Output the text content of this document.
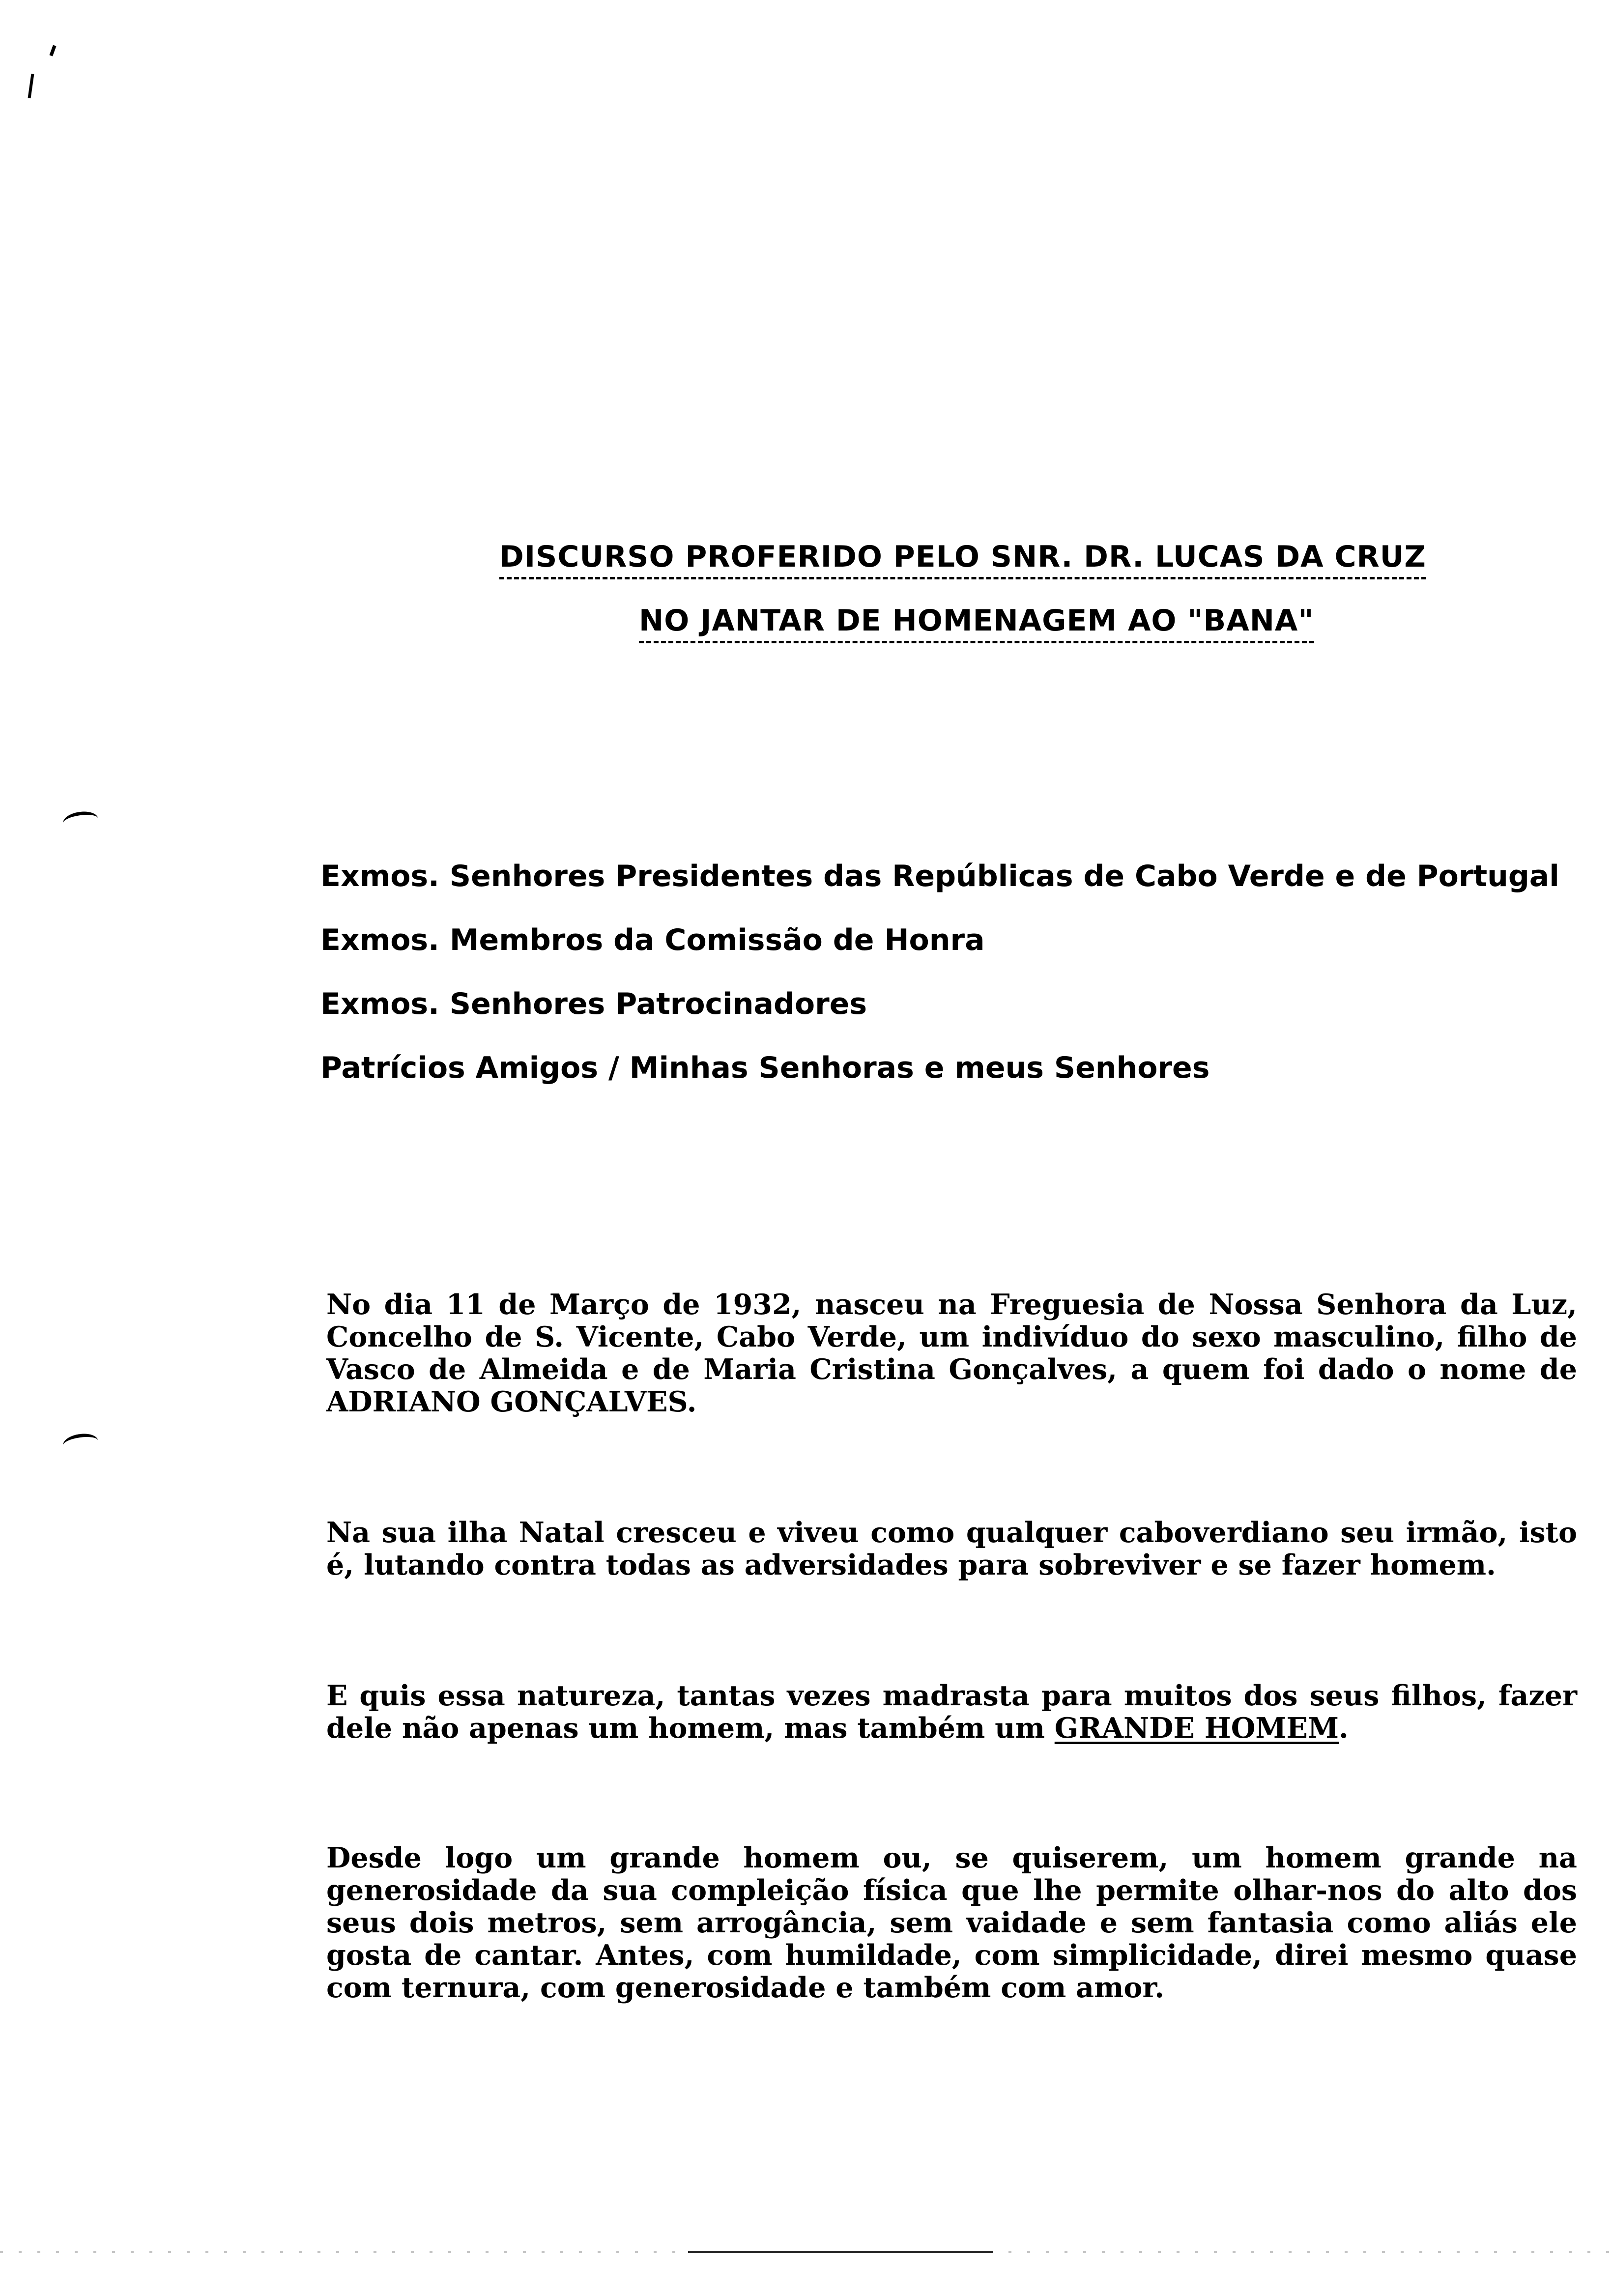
DISCURSO PROFERIDO PELO SNR. DR. LUCAS DA CRUZ
NO JANTAR DE HOMENAGEM AO "BANA"

Exmos. Senhores Presidentes das Repúblicas de Cabo Verde e de Portugal

Exmos. Membros da Comissão de Honra

Exmos. Senhores Patrocinadores

Patrícios Amigos / Minhas Senhoras e meus Senhores

No dia 11 de Março de 1932, nasceu na Freguesia de Nossa Senhora da Luz, Concelho de S. Vicente, Cabo Verde, um indivíduo do sexo masculino, filho de Vasco de Almeida e de Maria Cristina Gonçalves, a quem foi dado o nome de ADRIANO GONÇALVES.

Na sua ilha Natal cresceu e viveu como qualquer caboverdiano seu irmão, isto é, lutando contra todas as adversidades para sobreviver e se fazer homem.

E quis essa natureza, tantas vezes madrasta para muitos dos seus filhos, fazer dele não apenas um homem, mas também um GRANDE HOMEM.

Desde logo um grande homem ou, se quiserem, um homem grande na generosidade da sua compleição física que lhe permite olhar-nos do alto dos seus dois metros, sem arrogância, sem vaidade e sem fantasia como aliás ele gosta de cantar. Antes, com humildade, com simplicidade, direi mesmo quase com ternura, com generosidade e também com amor.
